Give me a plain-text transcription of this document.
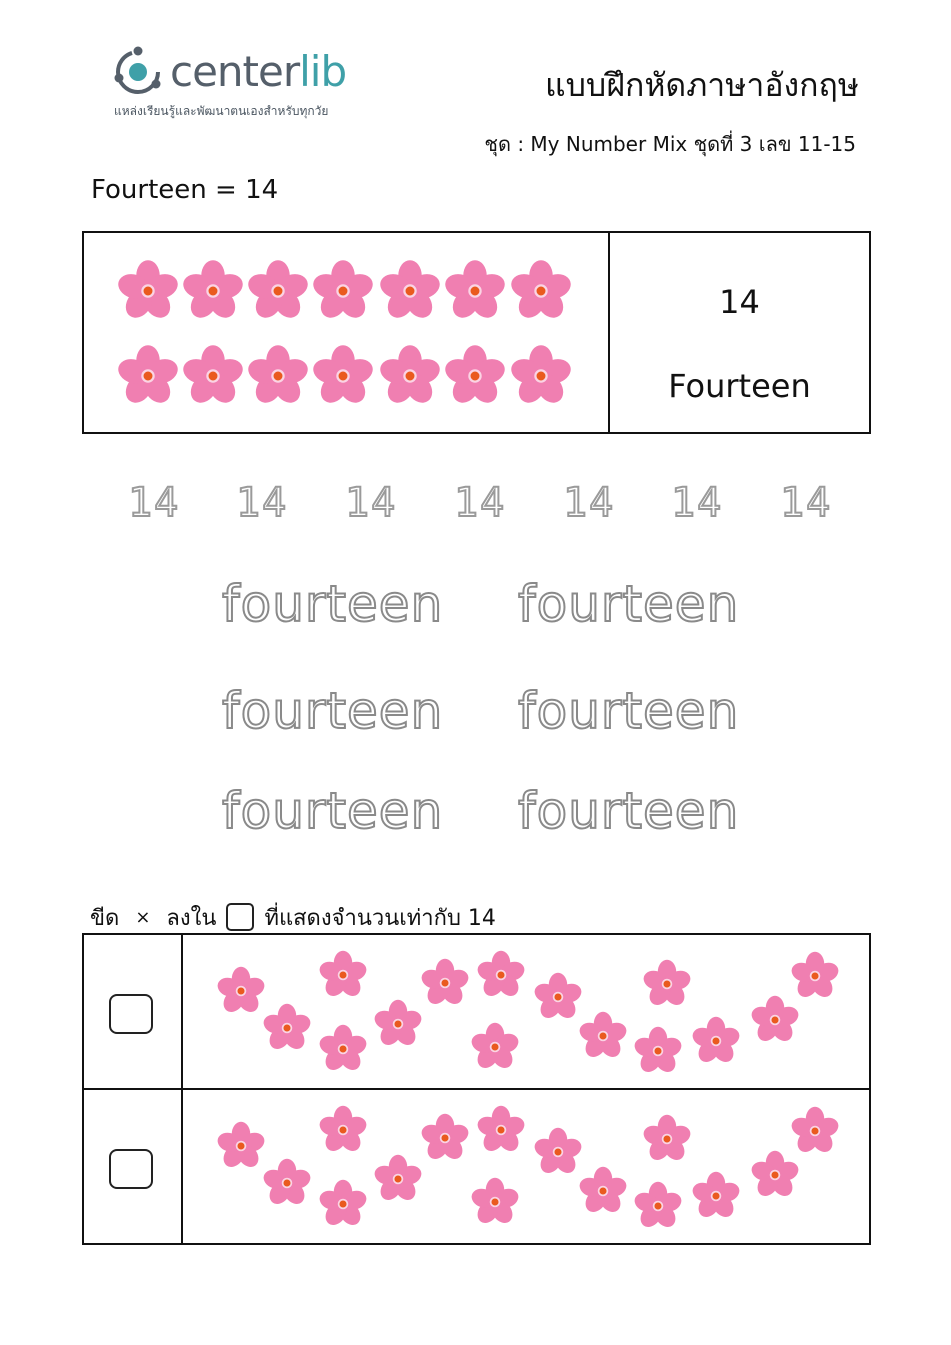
centerlib
แหล่งเรียนรู้และพัฒนาตนเองสำหรับทุกวัย
แบบฝึกหัดภาษาอังกฤษ
ชุด : My Number Mix ชุดที่ 3 เลข 11-15
Fourteen = 14
14
Fourteen
14 14 14 14 14 14 14
fourteen fourteen
fourteen fourteen
fourteen fourteen
ขีด × ลงใน ที่แสดงจำนวนเท่ากับ 14
